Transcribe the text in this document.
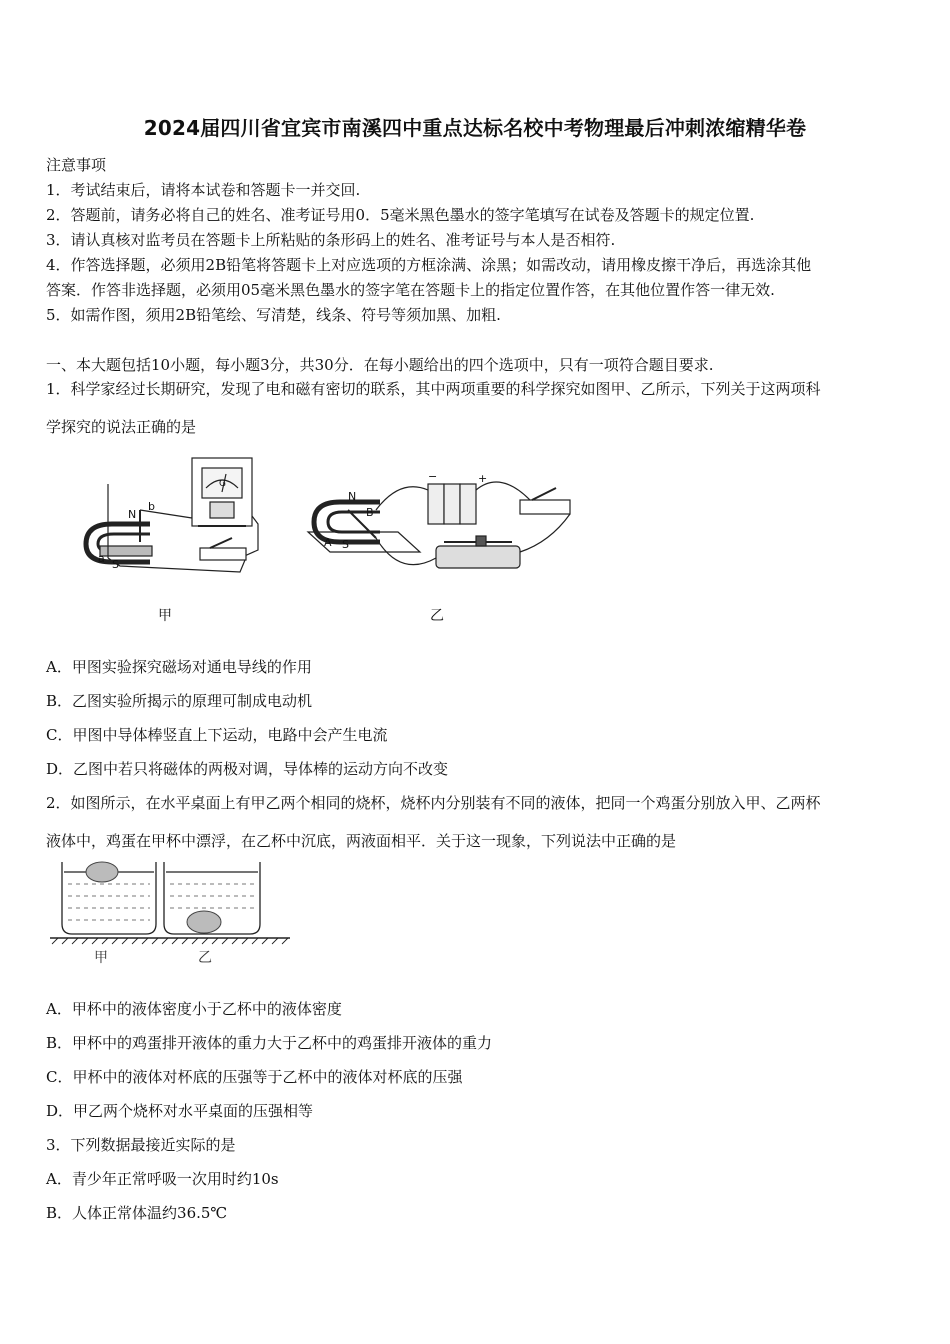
2024届四川省宜宾市南溪四中重点达标名校中考物理最后冲刺浓缩精华卷
注意事项
1．考试结束后，请将本试卷和答题卡一并交回.
2．答题前，请务必将自己的姓名、准考证号用0．5毫米黑色墨水的签字笔填写在试卷及答题卡的规定位置.
3．请认真核对监考员在答题卡上所粘贴的条形码上的姓名、准考证号与本人是否相符.
4．作答选择题，必须用2B铅笔将答题卡上对应选项的方框涂满、涂黑；如需改动，请用橡皮擦干净后，再选涂其他
答案．作答非选择题，必须用05毫米黑色墨水的签字笔在答题卡上的指定位置作答，在其他位置作答一律无效.
5．如需作图，须用2B铅笔绘、写清楚，线条、符号等须加黑、加粗.
一、本大题包括10小题，每小题3分，共30分．在每小题给出的四个选项中，只有一项符合题目要求.
1．科学家经过长期研究，发现了电和磁有密切的联系，其中两项重要的科学探究如图甲、乙所示，下列关于这两项科
学探究的说法正确的是
N
S
a
b
G
N
S
A
B
−	+
甲	乙
A．甲图实验探究磁场对通电导线的作用
B．乙图实验所揭示的原理可制成电动机
C．甲图中导体棒竖直上下运动，电路中会产生电流
D．乙图中若只将磁体的两极对调，导体棒的运动方向不改变
2．如图所示，在水平桌面上有甲乙两个相同的烧杯，烧杯内分别装有不同的液体，把同一个鸡蛋分别放入甲、乙两杯
液体中，鸡蛋在甲杯中漂浮，在乙杯中沉底，两液面相平．关于这一现象，下列说法中正确的是
甲	乙
A．甲杯中的液体密度小于乙杯中的液体密度
B．甲杯中的鸡蛋排开液体的重力大于乙杯中的鸡蛋排开液体的重力
C．甲杯中的液体对杯底的压强等于乙杯中的液体对杯底的压强
D．甲乙两个烧杯对水平桌面的压强相等
3．下列数据最接近实际的是
A．青少年正常呼吸一次用时约10s
B．人体正常体温约36.5℃
